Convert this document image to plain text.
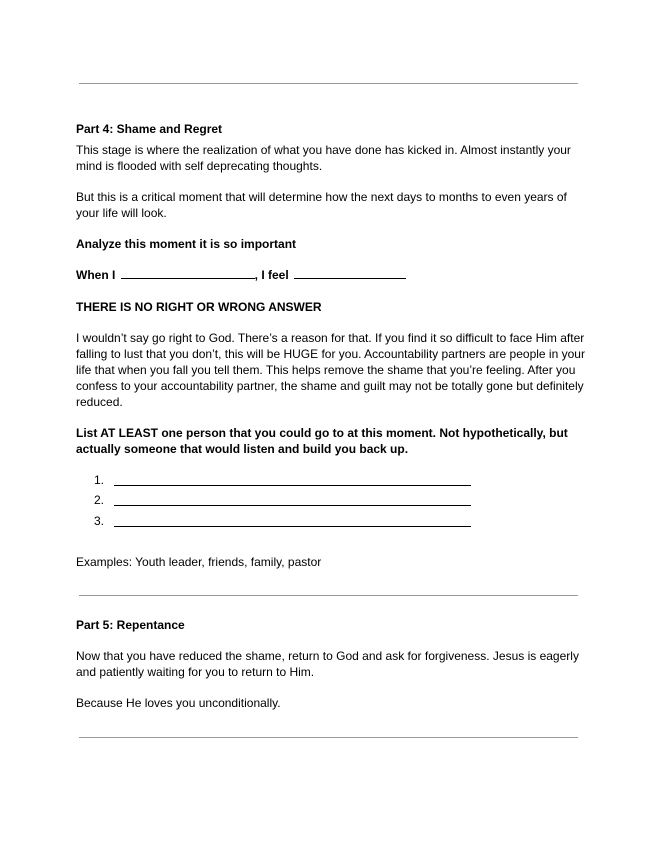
Part 4: Shame and Regret

This stage is where the realization of what you have done has kicked in. Almost instantly your mind is flooded with self deprecating thoughts.

But this is a critical moment that will determine how the next days to months to even years of your life will look.

Analyze this moment it is so important

When I	, I feel

THERE IS NO RIGHT OR WRONG ANSWER

I wouldn’t say go right to God. There’s a reason for that. If you find it so difficult to face Him after falling to lust that you don’t, this will be HUGE for you. Accountability partners are people in your life that when you fall you tell them. This helps remove the shame that you’re feeling. After you confess to your accountability partner, the shame and guilt may not be totally gone but definitely reduced.

List AT LEAST one person that you could go to at this moment. Not hypothetically, but actually someone that would listen and build you back up.

1.
2.
3.

Examples: Youth leader, friends, family, pastor

Part 5: Repentance

Now that you have reduced the shame, return to God and ask for forgiveness. Jesus is eagerly and patiently waiting for you to return to Him.

Because He loves you unconditionally.
